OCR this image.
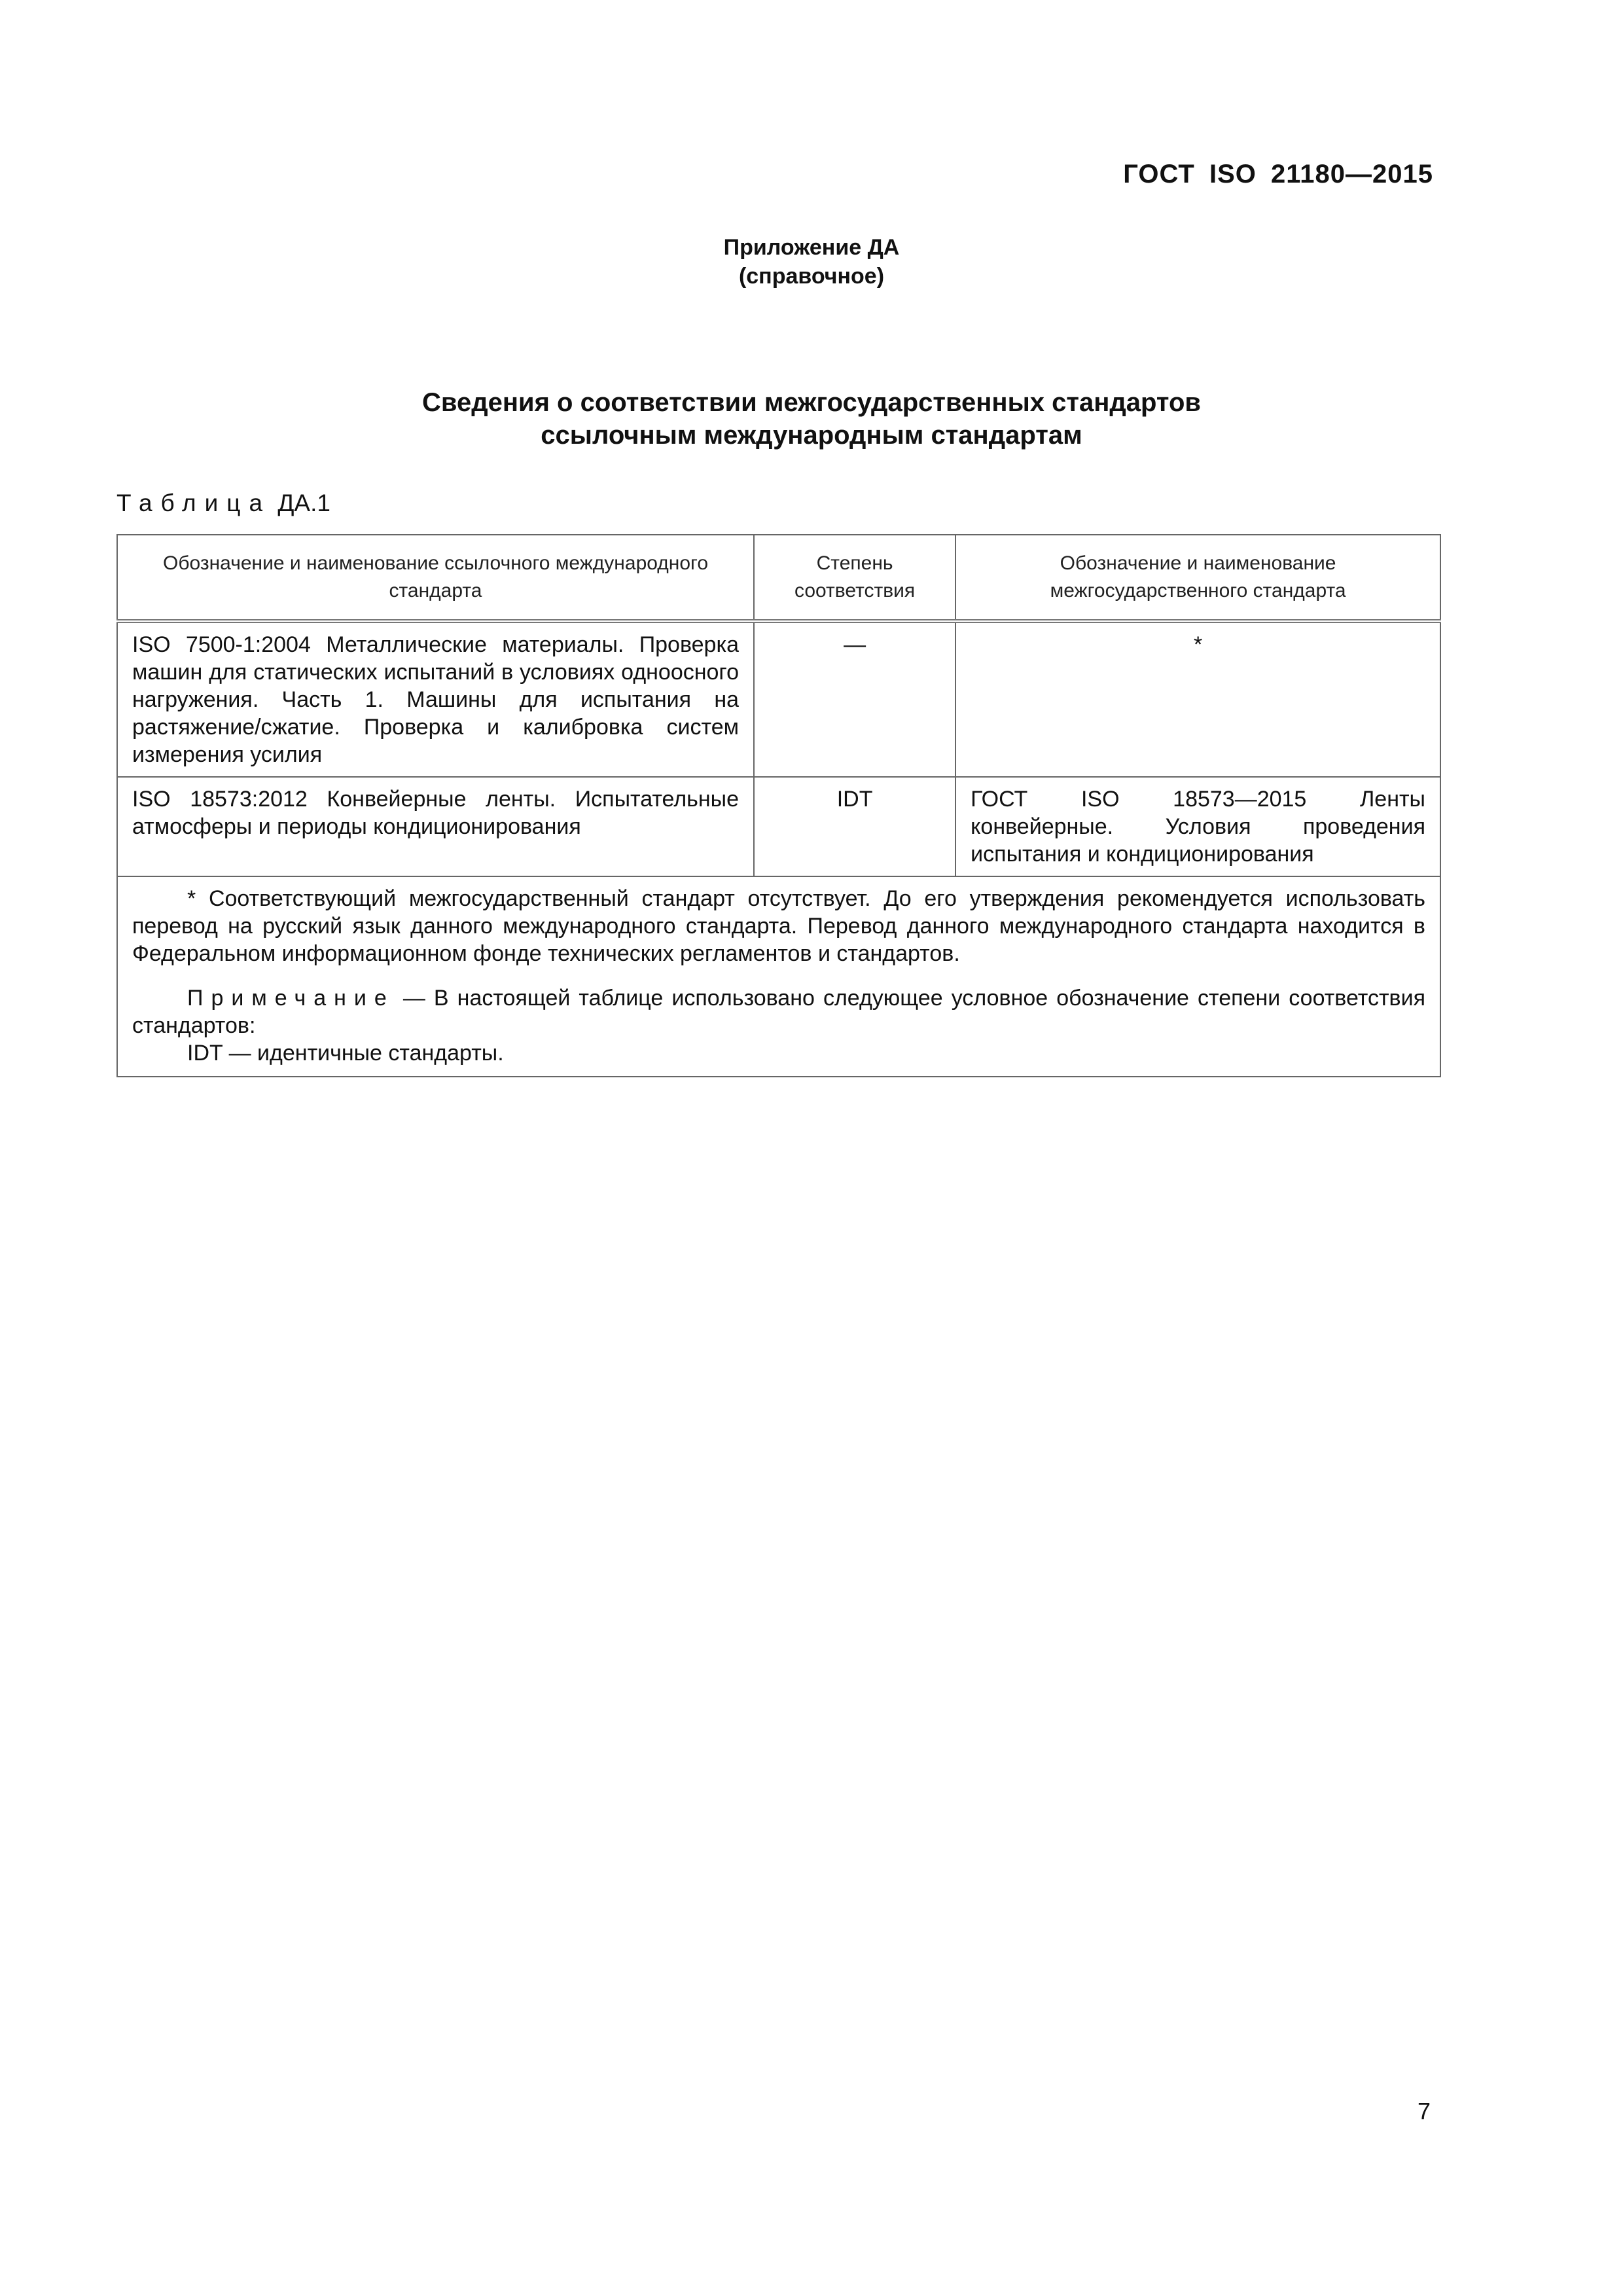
ГОСТ ISO 21180—2015
Приложение ДА
(справочное)
Сведения о соответствии межгосударственных стандартов
ссылочным международным стандартам
Таблица ДА.1
Обозначение и наименование ссылочного международного стандарта	Степень соответствия	Обозначение и наименование межгосударственного стандарта
ISO 7500-1:2004 Металлические материалы. Проверка машин для статических испытаний в условиях одноосного нагружения. Часть 1. Машины для испытания на растяжение/сжатие. Проверка и калибровка систем измерения усилия	—	*
ISO 18573:2012 Конвейерные ленты. Испытательные атмосферы и периоды кондиционирования	IDT	ГОСТ ISO 18573—2015 Ленты конвейерные. Условия проведения испытания и кондиционирования

* Соответствующий межгосударственный стандарт отсутствует. До его утверждения рекомендуется использовать перевод на русский язык данного международного стандарта. Перевод данного международного стандарта находится в Федеральном информационном фонде технических регламентов и стандартов.

Примечание — В настоящей таблице использовано следующее условное обозначение степени соответствия стандартов:

IDT — идентичные стандарты.		

7
